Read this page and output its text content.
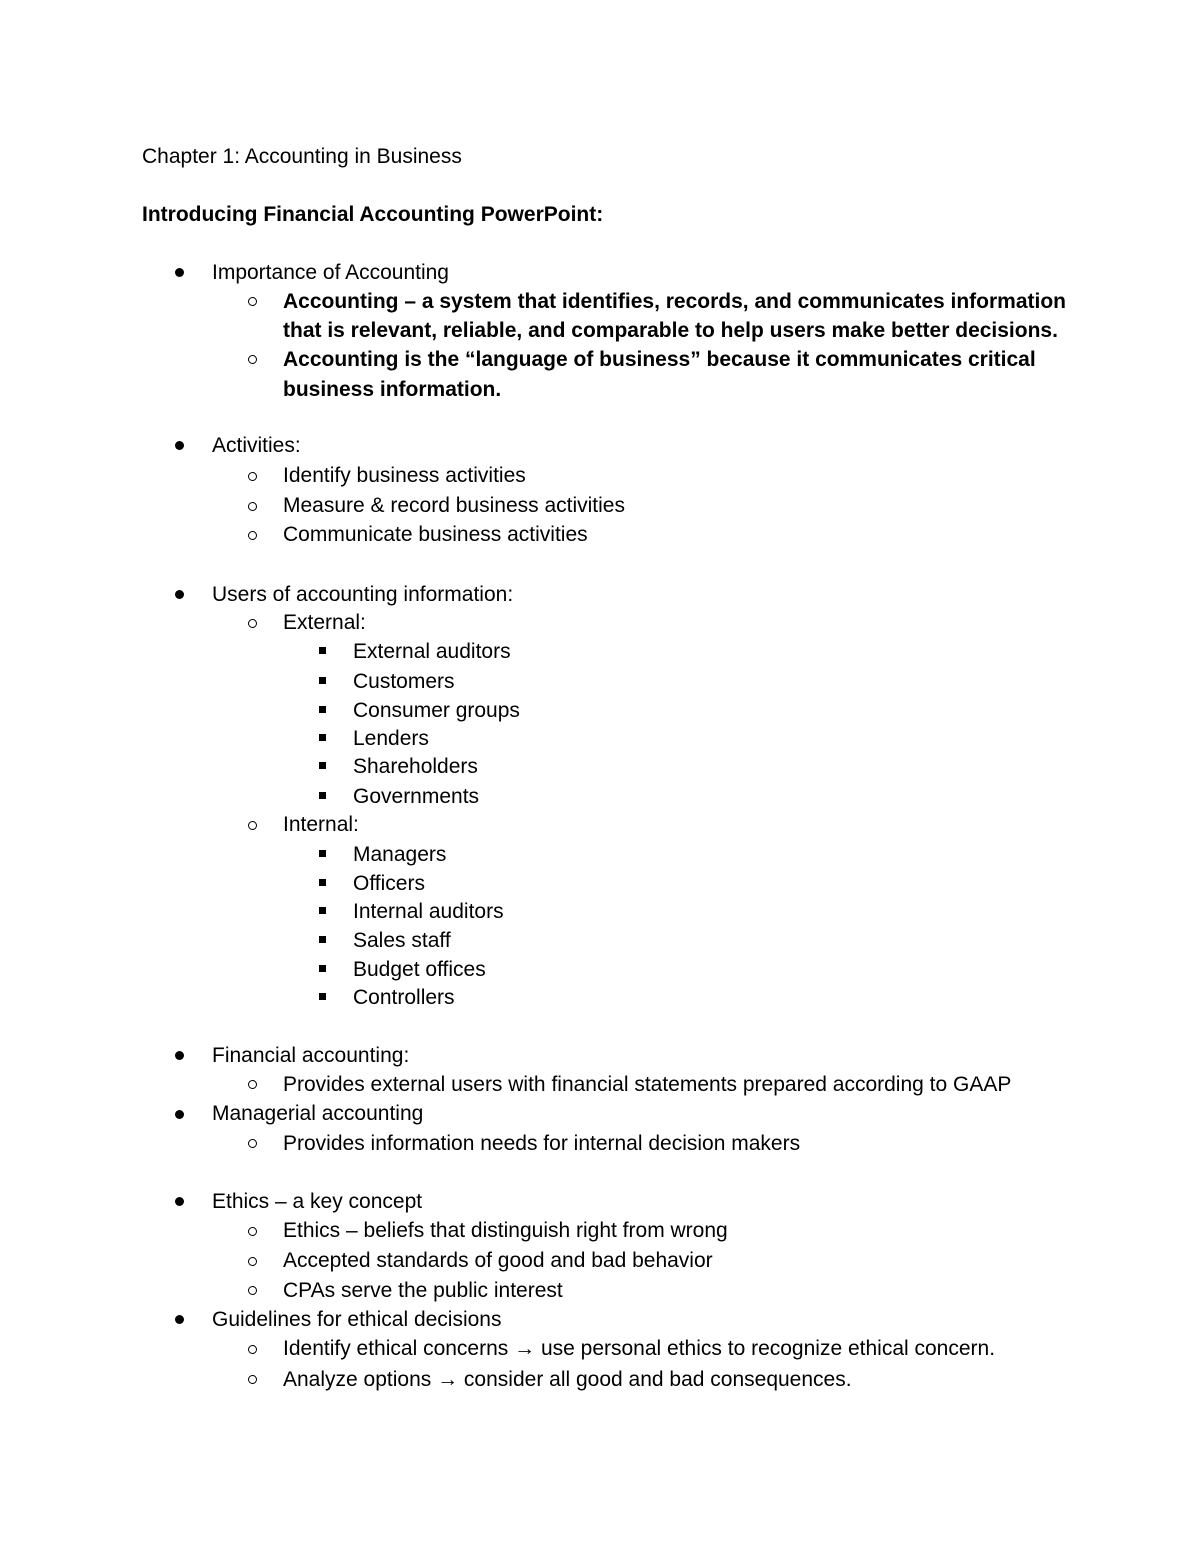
Chapter 1: Accounting in Business
Introducing Financial Accounting PowerPoint:
Importance of Accounting
Accounting – a system that identifies, records, and communicates information
that is relevant, reliable, and comparable to help users make better decisions.
Accounting is the “language of business” because it communicates critical
business information.
Activities:
Identify business activities
Measure & record business activities
Communicate business activities
Users of accounting information:
External:
External auditors
Customers
Consumer groups
Lenders
Shareholders
Governments
Internal:
Managers
Officers
Internal auditors
Sales staff
Budget offices
Controllers
Financial accounting:
Provides external users with financial statements prepared according to GAAP
Managerial accounting
Provides information needs for internal decision makers
Ethics – a key concept
Ethics – beliefs that distinguish right from wrong
Accepted standards of good and bad behavior
CPAs serve the public interest
Guidelines for ethical decisions
Identify ethical concerns → use personal ethics to recognize ethical concern.
Analyze options → consider all good and bad consequences.
